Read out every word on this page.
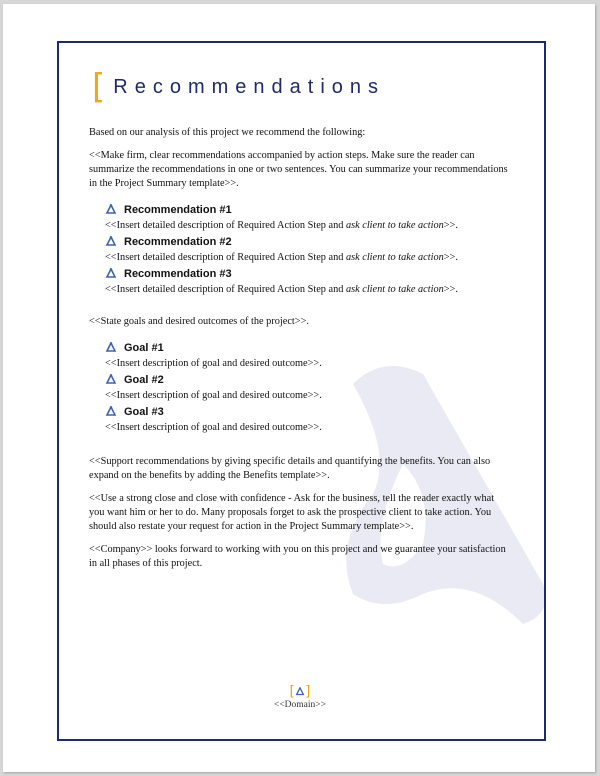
[ Recommendations

Based on our analysis of this project we recommend the following:

<<Make firm, clear recommendations accompanied by action steps. Make sure the reader can summarize the recommendations in one or two sentences. You can summarize your recommendations in the Project Summary template>>.

Recommendation #1

<<Insert detailed description of Required Action Step and ask client to take action>>.

Recommendation #2

<<Insert detailed description of Required Action Step and ask client to take action>>.

Recommendation #3

<<Insert detailed description of Required Action Step and ask client to take action>>.

<<State goals and desired outcomes of the project>>.

Goal #1

<<Insert description of goal and desired outcome>>.

Goal #2

<<Insert description of goal and desired outcome>>.

Goal #3

<<Insert description of goal and desired outcome>>.

<<Support recommendations by giving specific details and quantifying the benefits. You can also expand on the benefits by adding the Benefits template>>.

<<Use a strong close and close with confidence - Ask for the business, tell the reader exactly what you want him or her to do. Many proposals forget to ask the prospective client to take action. You should also restate your request for action in the Project Summary template>>.

<<Company>> looks forward to working with you on this project and we guarantee your satisfaction in all phases of this project.

[ ]
<<Domain>>
